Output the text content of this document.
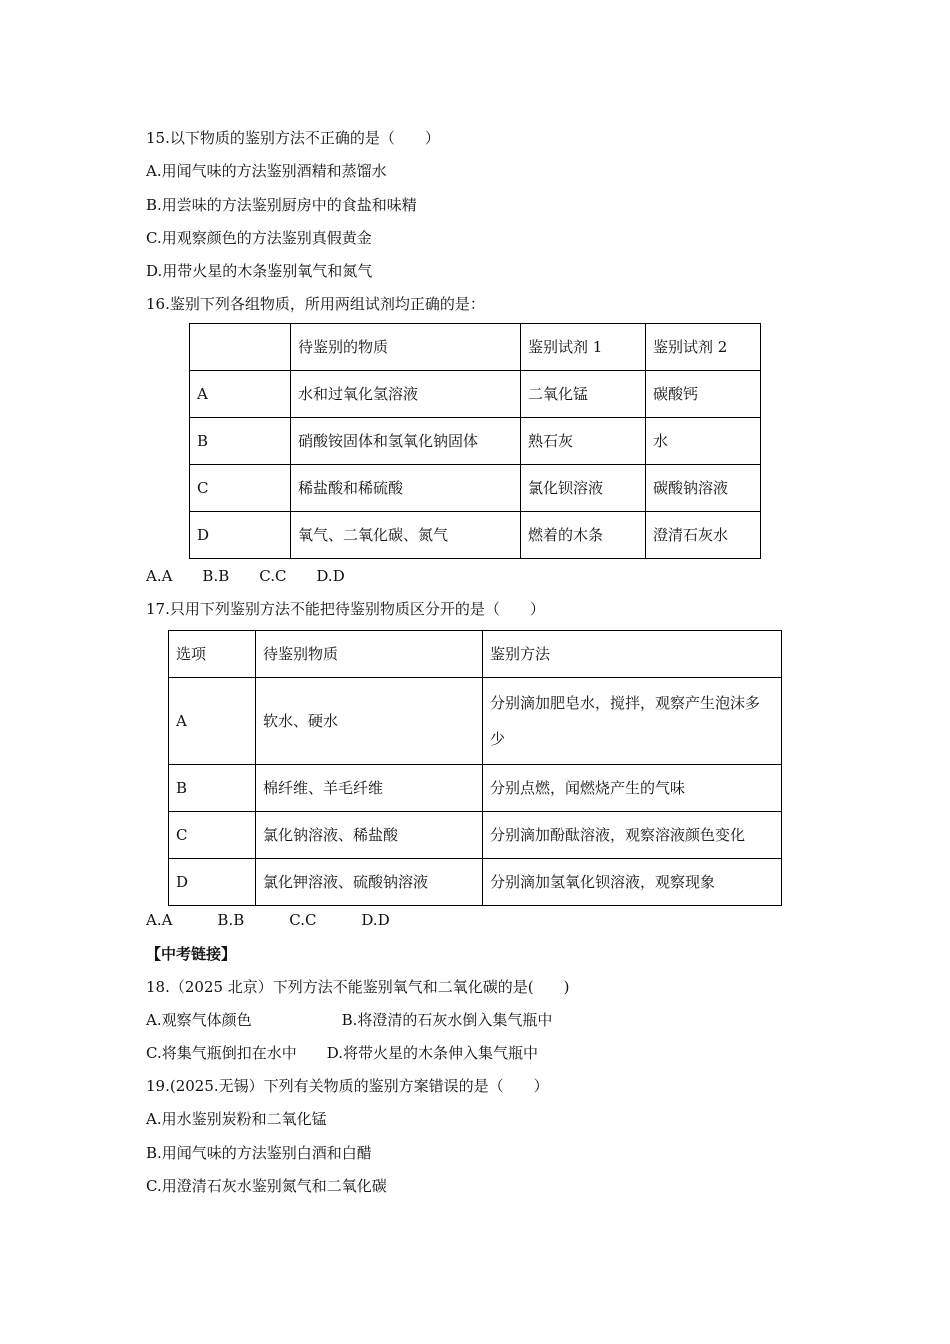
15.以下物质的鉴别方法不正确的是（　　）
A.用闻气味的方法鉴别酒精和蒸馏水
B.用尝味的方法鉴别厨房中的食盐和味精
C.用观察颜色的方法鉴别真假黄金
D.用带火星的木条鉴别氧气和氮气
16.鉴别下列各组物质，所用两组试剂均正确的是：
	待鉴别的物质	鉴别试剂 1	鉴别试剂 2
A	水和过氧化氢溶液	二氧化锰	碳酸钙
B	硝酸铵固体和氢氧化钠固体	熟石灰	水
C	稀盐酸和稀硫酸	氯化钡溶液	碳酸钠溶液
D	氧气、二氧化碳、氮气	燃着的木条	澄清石灰水
A.A　　B.B　　C.C　　D.D
17.只用下列鉴别方法不能把待鉴别物质区分开的是（　　）
选项	待鉴别物质	鉴别方法
A	软水、硬水	分别滴加肥皂水，搅拌，观察产生泡沫多少
B	棉纤维、羊毛纤维	分别点燃，闻燃烧产生的气味
C	氯化钠溶液、稀盐酸	分别滴加酚酞溶液，观察溶液颜色变化
D	氯化钾溶液、硫酸钠溶液	分别滴加氢氧化钡溶液，观察现象
A.A　　　B.B　　　C.C　　　D.D
【中考链接】
18.（2025 北京）下列方法不能鉴别氧气和二氧化碳的是(　　)
A.观察气体颜色　　　　　　B.将澄清的石灰水倒入集气瓶中
C.将集气瓶倒扣在水中　　D.将带火星的木条伸入集气瓶中
19.(2025.无锡）下列有关物质的鉴别方案错误的是（　　）
A.用水鉴别炭粉和二氧化锰
B.用闻气味的方法鉴别白酒和白醋
C.用澄清石灰水鉴别氮气和二氧化碳
